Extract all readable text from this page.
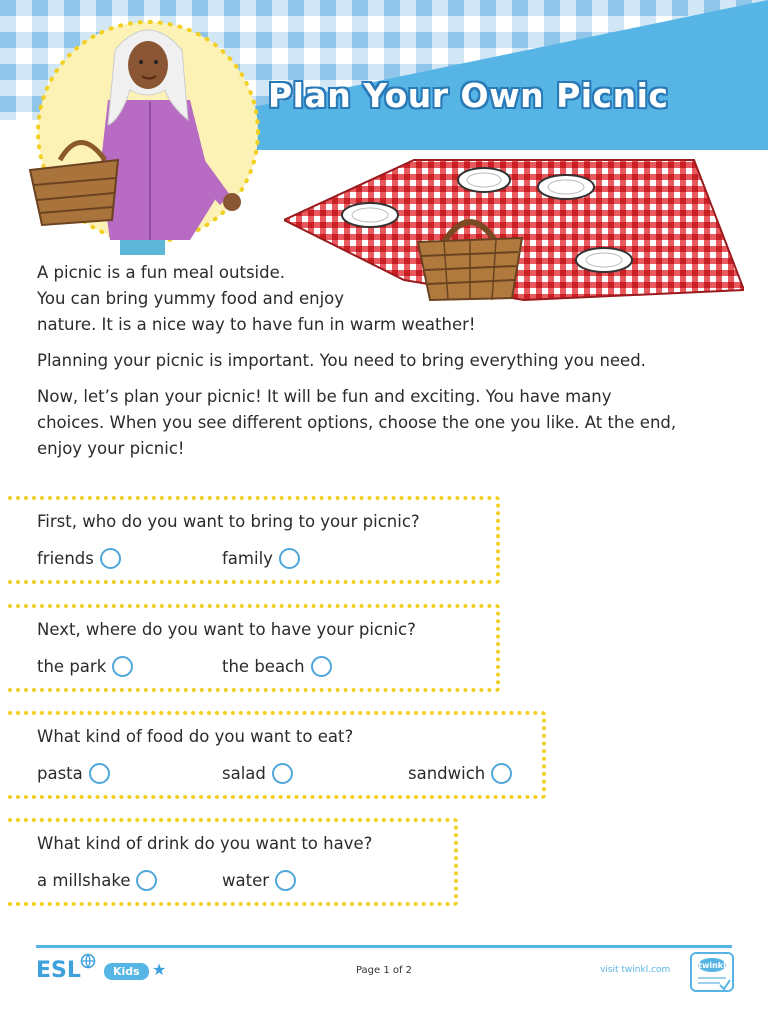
Plan Your Own Picnic

A picnic is a fun meal outside.
You can bring yummy food and enjoy
nature. It is a nice way to have fun in warm weather!

Planning your picnic is important. You need to bring everything you need.

Now, let’s plan your picnic! It will be fun and exciting. You have many
choices. When you see different options, choose the one you like. At the end,
enjoy your picnic!

First, who do you want to bring to your picnic?
friends	family
Next, where do you want to have your picnic?
the park	the beach
What kind of food do you want to eat?
pasta	salad	sandwich
What kind of drink do you want to have?
a millshake	water
ESL	Kids ★	Page 1 of 2	visit twinkl.com	twinkl
